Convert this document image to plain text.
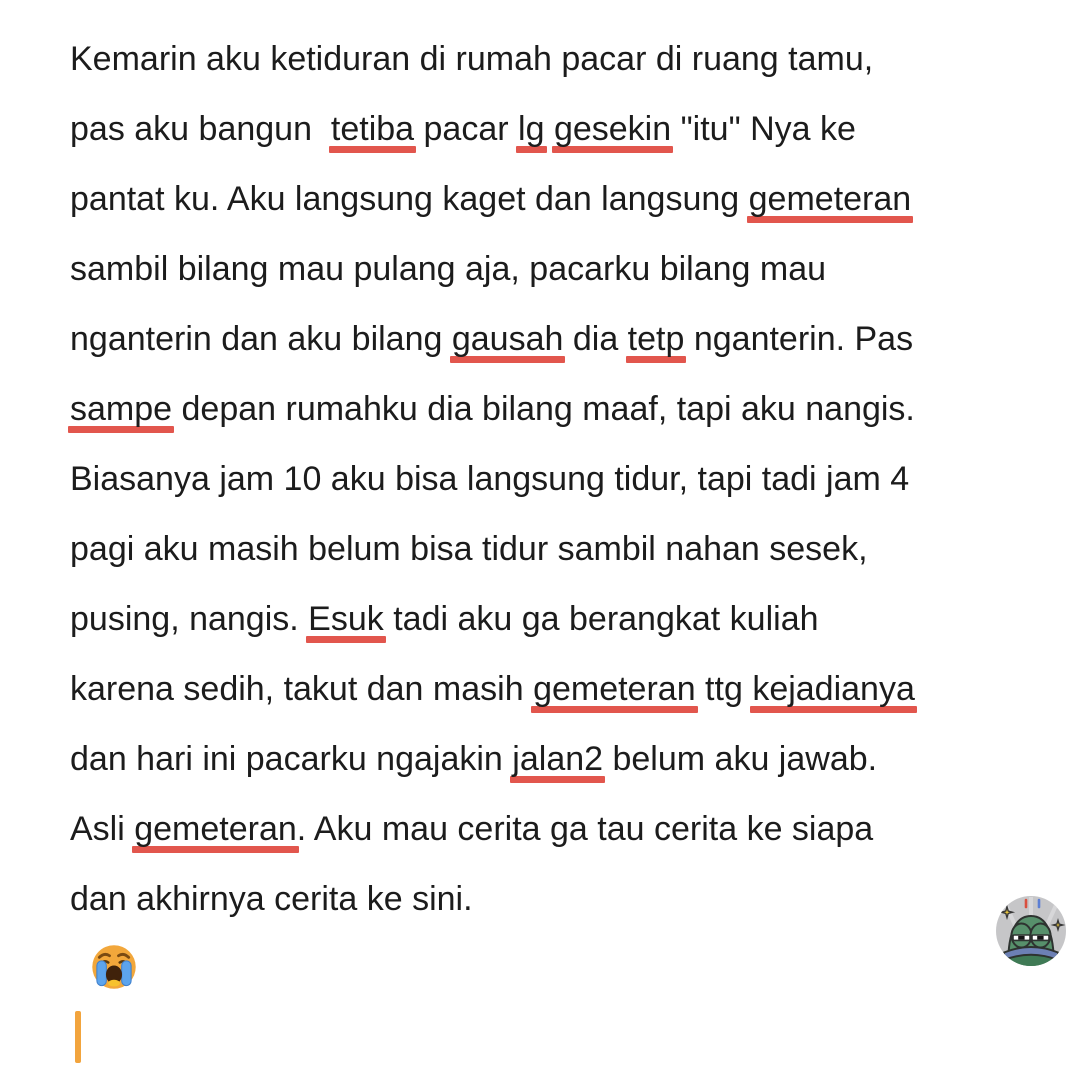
Kemarin aku ketiduran di rumah pacar di ruang tamu,
pas aku bangun  tetiba pacar lg gesekin "itu" Nya ke
pantat ku. Aku langsung kaget dan langsung gemeteran
sambil bilang mau pulang aja, pacarku bilang mau
nganterin dan aku bilang gausah dia tetp nganterin. Pas
sampe depan rumahku dia bilang maaf, tapi aku nangis.
Biasanya jam 10 aku bisa langsung tidur, tapi tadi jam 4
pagi aku masih belum bisa tidur sambil nahan sesek,
pusing, nangis. Esuk tadi aku ga berangkat kuliah
karena sedih, takut dan masih gemeteran ttg kejadianya
dan hari ini pacarku ngajakin jalan2 belum aku jawab.
Asli gemeteran. Aku mau cerita ga tau cerita ke siapa
dan akhirnya cerita ke sini.
